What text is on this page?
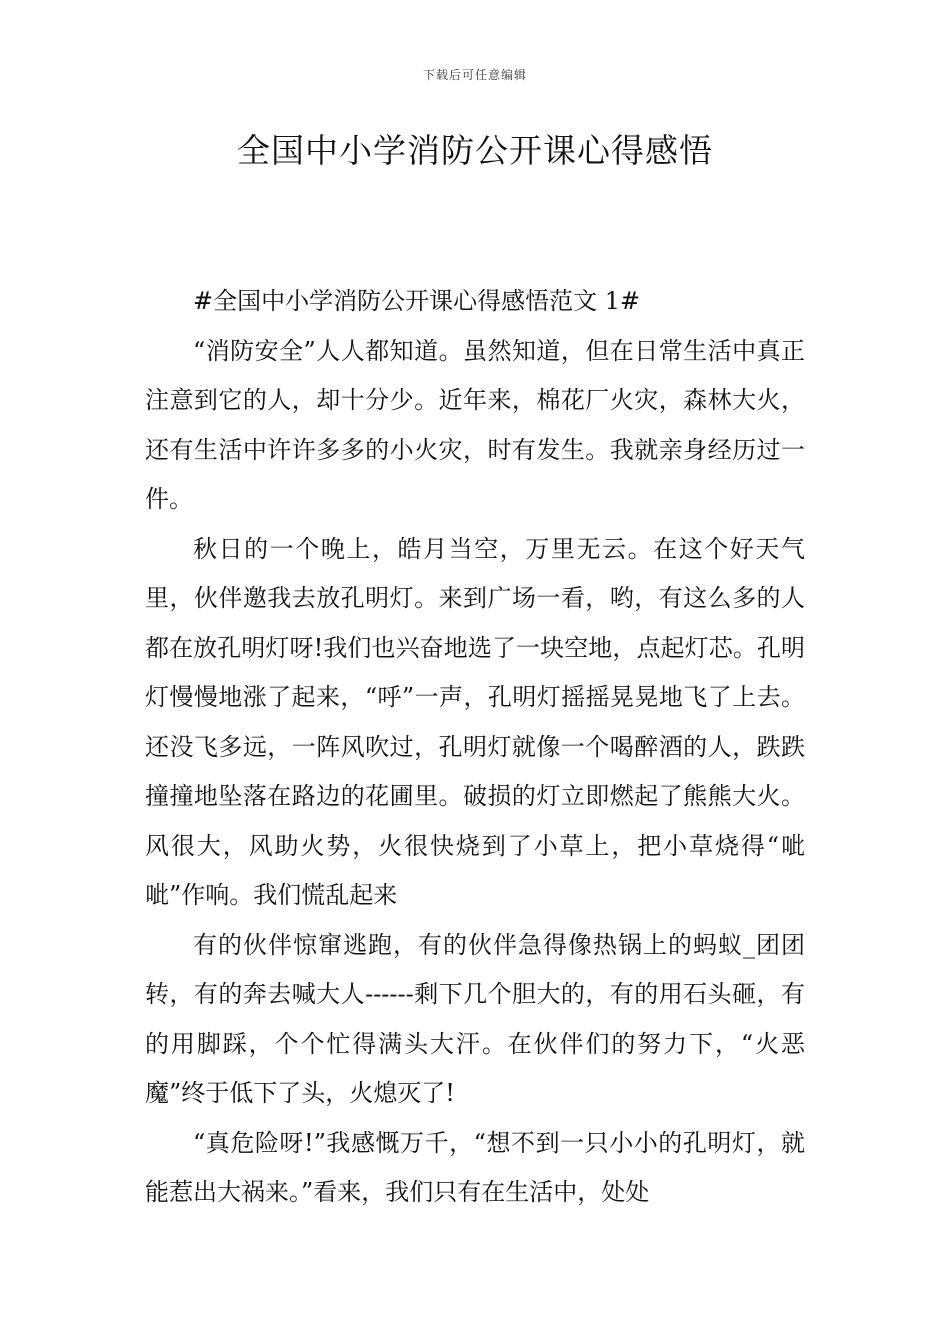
下载后可任意编辑
全国中小学消防公开课心得感悟

#全国中小学消防公开课心得感悟范文 1#

“消防安全”人人都知道。虽然知道，但在日常生活中真正注意到它的人，却十分少。近年来，棉花厂火灾，森林大火，还有生活中许许多多的小火灾，时有发生。我就亲身经历过一件。

秋日的一个晚上，皓月当空，万里无云。在这个好天气里，伙伴邀我去放孔明灯。来到广场一看，哟，有这么多的人都在放孔明灯呀!我们也兴奋地选了一块空地，点起灯芯。孔明灯慢慢地涨了起来，“呼”一声，孔明灯摇摇晃晃地飞了上去。还没飞多远，一阵风吹过，孔明灯就像一个喝醉酒的人，跌跌撞撞地坠落在路边的花圃里。破损的灯立即燃起了熊熊大火。风很大，风助火势，火很快烧到了小草上，把小草烧得“呲呲”作响。我们慌乱起来

有的伙伴惊窜逃跑，有的伙伴急得像热锅上的蚂蚁_团团转，有的奔去喊大人------剩下几个胆大的，有的用石头砸，有的用脚踩，个个忙得满头大汗。在伙伴们的努力下，“火恶魔”终于低下了头，火熄灭了!

“真危险呀!”我感慨万千，“想不到一只小小的孔明灯，就能惹出大祸来。”看来，我们只有在生活中，处处
